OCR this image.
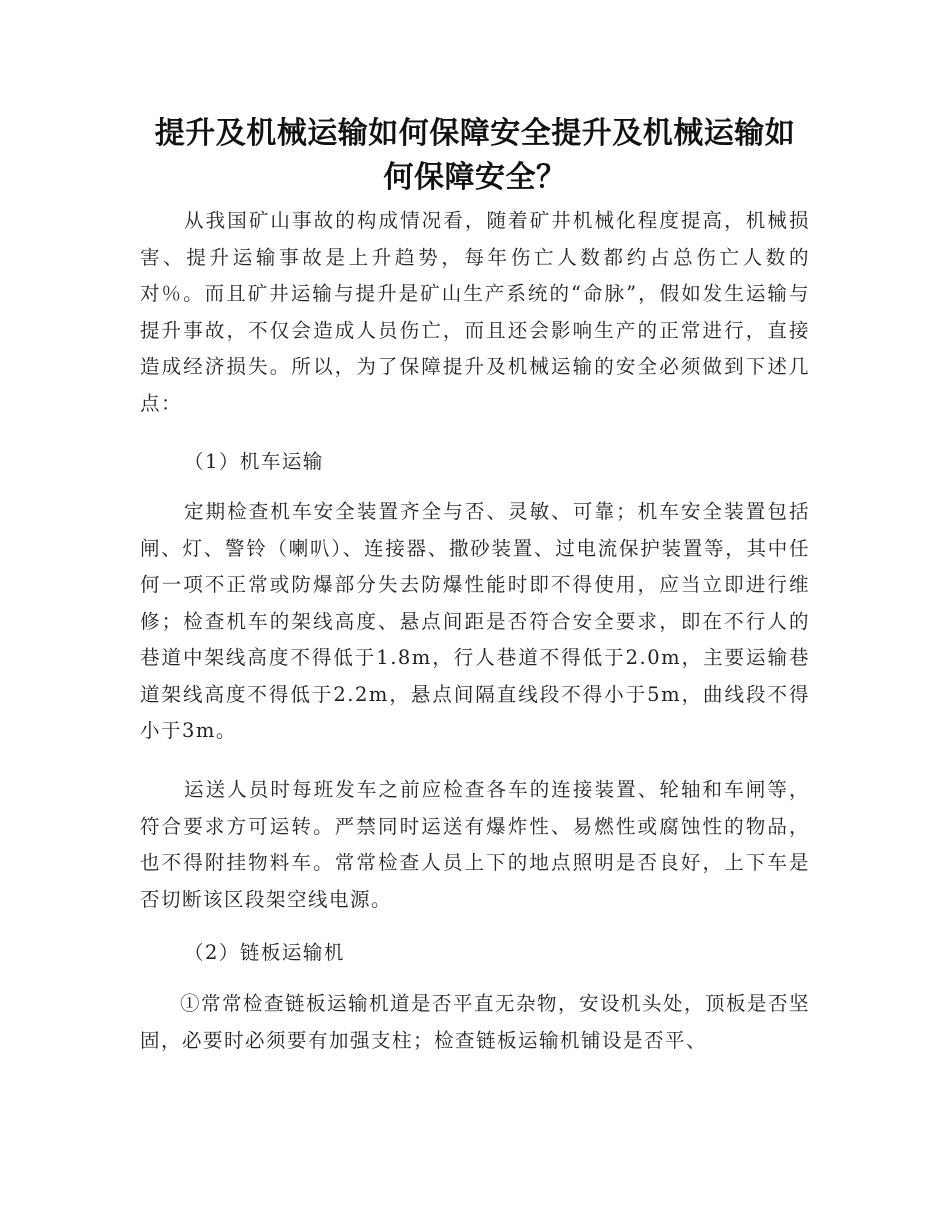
提升及机械运输如何保障安全提升及机械运输如何保障安全？

从我国矿山事故的构成情况看，随着矿井机械化程度提高，机械损害、提升运输事故是上升趋势，每年伤亡人数都约占总伤亡人数的对％。而且矿井运输与提升是矿山生产系统的“命脉”，假如发生运输与提升事故，不仅会造成人员伤亡，而且还会影响生产的正常进行，直接造成经济损失。所以，为了保障提升及机械运输的安全必须做到下述几点：

（1）机车运输

定期检查机车安全装置齐全与否、灵敏、可靠；机车安全装置包括闸、灯、警铃（喇叭）、连接器、撒砂装置、过电流保护装置等，其中任何一项不正常或防爆部分失去防爆性能时即不得使用，应当立即进行维修；检查机车的架线高度、悬点间距是否符合安全要求，即在不行人的巷道中架线高度不得低于1.8m，行人巷道不得低于2.0m，主要运输巷道架线高度不得低于2.2m，悬点间隔直线段不得小于5m，曲线段不得小于3m。

运送人员时每班发车之前应检查各车的连接装置、轮轴和车闸等，符合要求方可运转。严禁同时运送有爆炸性、易燃性或腐蚀性的物品，也不得附挂物料车。常常检查人员上下的地点照明是否良好，上下车是否切断该区段架空线电源。

（2）链板运输机

①常常检查链板运输机道是否平直无杂物，安设机头处，顶板是否坚固，必要时必须要有加强支柱；检查链板运输机铺设是否平、
